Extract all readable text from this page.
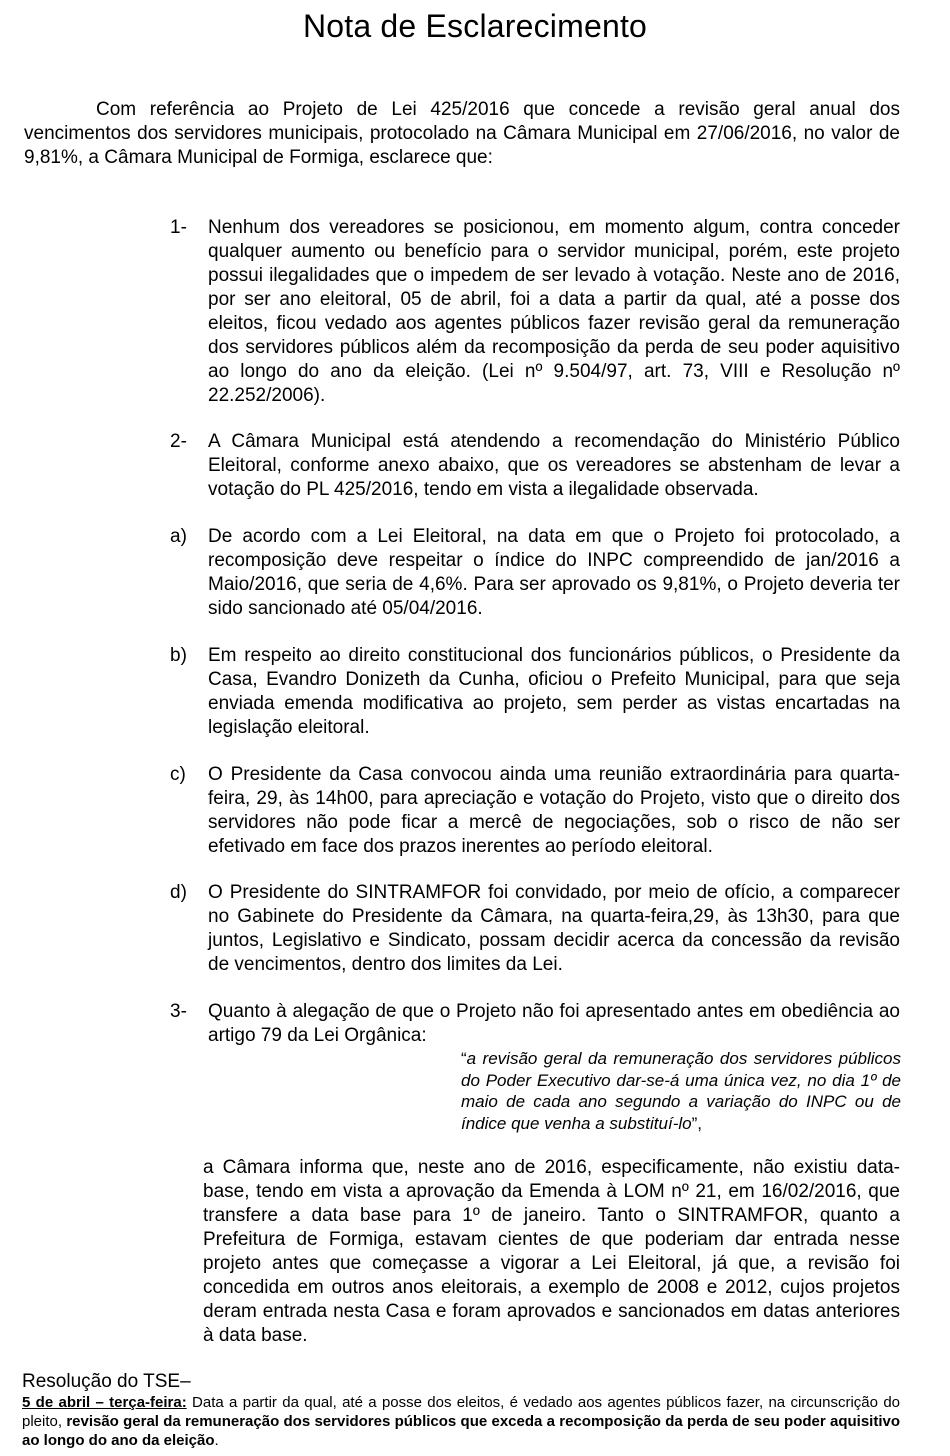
Nota de Esclarecimento

Com referência ao Projeto de Lei 425/2016 que concede a revisão geral anual dos vencimentos dos servidores municipais, protocolado na Câmara Municipal em 27/06/2016, no valor de 9,81%, a Câmara Municipal de Formiga, esclarece que:

1- Nenhum dos vereadores se posicionou, em momento algum, contra conceder qualquer aumento ou benefício para o servidor municipal, porém, este projeto possui ilegalidades que o impedem de ser levado à votação. Neste ano de 2016, por ser ano eleitoral, 05 de abril, foi a data a partir da qual, até a posse dos eleitos, ficou vedado aos agentes públicos fazer revisão geral da remuneração dos servidores públicos além da recomposição da perda de seu poder aquisitivo ao longo do ano da eleição. (Lei nº 9.504/97, art. 73, VIII e Resolução nº 22.252/2006).
2- A Câmara Municipal está atendendo a recomendação do Ministério Público Eleitoral, conforme anexo abaixo, que os vereadores se abstenham de levar a votação do PL 425/2016, tendo em vista a ilegalidade observada.
a) De acordo com a Lei Eleitoral, na data em que o Projeto foi protocolado, a recomposição deve respeitar o índice do INPC compreendido de jan/2016 a Maio/2016, que seria de 4,6%. Para ser aprovado os 9,81%, o Projeto deveria ter sido sancionado até 05/04/2016.
b) Em respeito ao direito constitucional dos funcionários públicos, o Presidente da Casa, Evandro Donizeth da Cunha, oficiou o Prefeito Municipal, para que seja enviada emenda modificativa ao projeto, sem perder as vistas encartadas na legislação eleitoral.
c) O Presidente da Casa convocou ainda uma reunião extraordinária para quarta-feira, 29, às 14h00, para apreciação e votação do Projeto, visto que o direito dos servidores não pode ficar a mercê de negociações, sob o risco de não ser efetivado em face dos prazos inerentes ao período eleitoral.
d) O Presidente do SINTRAMFOR foi convidado, por meio de ofício, a comparecer no Gabinete do Presidente da Câmara, na quarta-feira,29, às 13h30, para que juntos, Legislativo e Sindicato, possam decidir acerca da concessão da revisão de vencimentos, dentro dos limites da Lei.
3- Quanto à alegação de que o Projeto não foi apresentado antes em obediência ao artigo 79 da Lei Orgânica:
“a revisão geral da remuneração dos servidores públicos do Poder Executivo dar-se-á uma única vez, no dia 1º de maio de cada ano segundo a variação do INPC ou de índice que venha a substituí-lo”,
a Câmara informa que, neste ano de 2016, especificamente, não existiu data-base, tendo em vista a aprovação da Emenda à LOM nº 21, em 16/02/2016, que transfere a data base para 1º de janeiro. Tanto o SINTRAMFOR, quanto a Prefeitura de Formiga, estavam cientes de que poderiam dar entrada nesse projeto antes que começasse a vigorar a Lei Eleitoral, já que, a revisão foi concedida em outros anos eleitorais, a exemplo de 2008 e 2012, cujos projetos deram entrada nesta Casa e foram aprovados e sancionados em datas anteriores à data base.
Resolução do TSE–
5 de abril – terça-feira: Data a partir da qual, até a posse dos eleitos, é vedado aos agentes públicos fazer, na circunscrição do pleito, revisão geral da remuneração dos servidores públicos que exceda a recomposição da perda de seu poder aquisitivo ao longo do ano da eleição.
